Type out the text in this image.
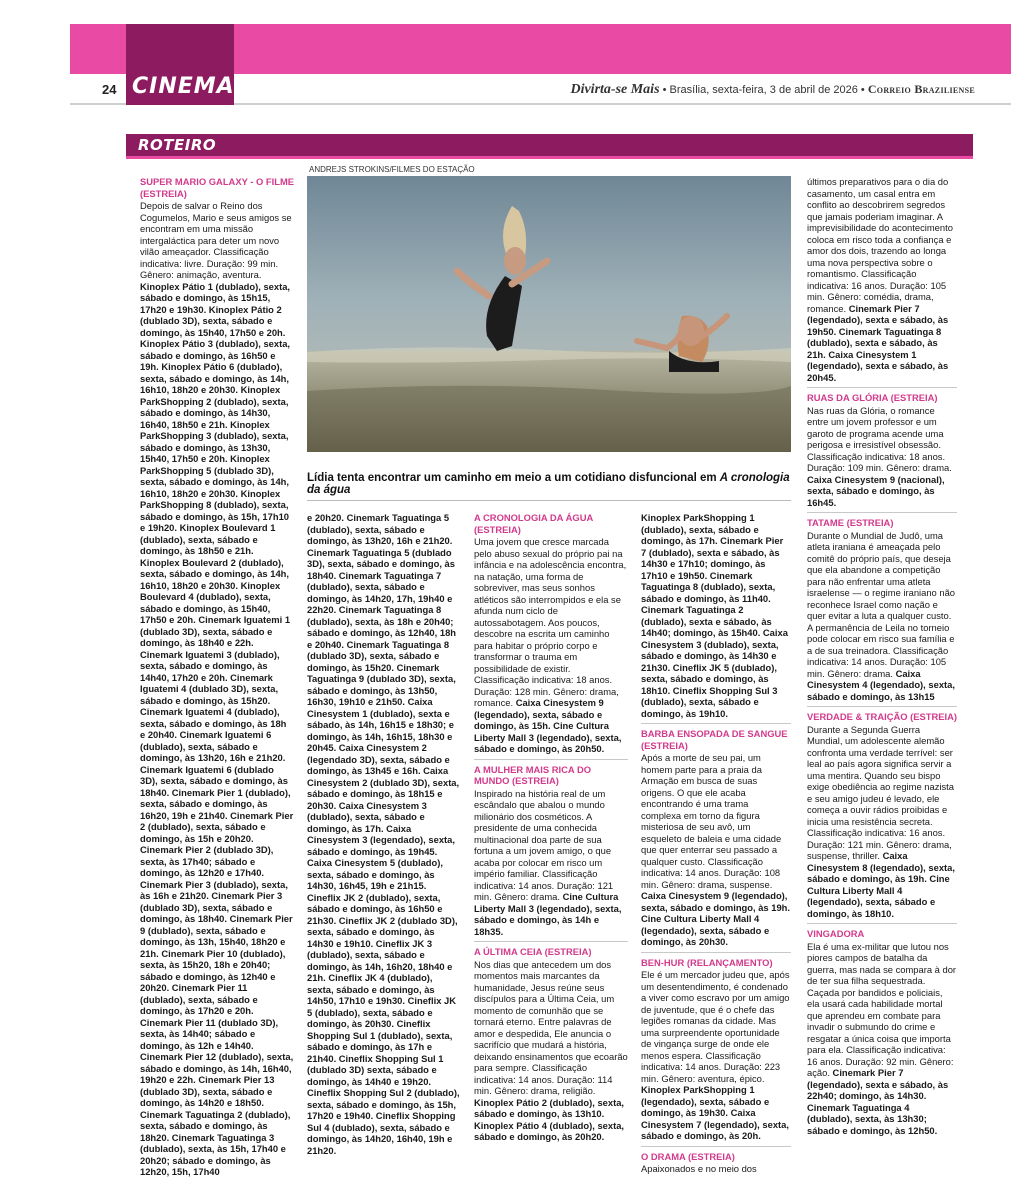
24 CINEMA	Divirta-se Mais • Brasília, sexta-feira, 3 de abril de 2026 • Correio Braziliense
ROTEIRO
ANDREJS STROKINS/FILMES DO ESTAÇÃO
Lídia tenta encontrar um caminho em meio a um cotidiano disfuncional em A cronologia da água
SUPER MARIO GALAXY - O FILME (ESTREIA)
Depois de salvar o Reino dos Cogumelos, Mario e seus amigos se encontram em uma missão intergaláctica para deter um novo vilão ameaçador. Classificação indicativa: livre. Duração: 99 min. Gênero: animação, aventura. Kinoplex Pátio 1 (dublado), sexta, sábado e domingo, às 15h15, 17h20 e 19h30. Kinoplex Pátio 2 (dublado 3D), sexta, sábado e domingo, às 15h40, 17h50 e 20h. Kinoplex Pátio 3 (dublado), sexta, sábado e domingo, às 16h50 e 19h. Kinoplex Pátio 6 (dublado), sexta, sábado e domingo, às 14h, 16h10, 18h20 e 20h30. Kinoplex ParkShopping 2 (dublado), sexta, sábado e domingo, às 14h30, 16h40, 18h50 e 21h. Kinoplex ParkShopping 3 (dublado), sexta, sábado e domingo, às 13h30, 15h40, 17h50 e 20h. Kinoplex ParkShopping 5 (dublado 3D), sexta, sábado e domingo, às 14h, 16h10, 18h20 e 20h30. Kinoplex ParkShopping 8 (dublado), sexta, sábado e domingo, às 15h, 17h10 e 19h20. Kinoplex Boulevard 1 (dublado), sexta, sábado e domingo, às 18h50 e 21h. Kinoplex Boulevard 2 (dublado), sexta, sábado e domingo, às 14h, 16h10, 18h20 e 20h30. Kinoplex Boulevard 4 (dublado), sexta, sábado e domingo, às 15h40, 17h50 e 20h. Cinemark Iguatemi 1 (dublado 3D), sexta, sábado e domingo, às 18h40 e 22h. Cinemark Iguatemi 3 (dublado), sexta, sábado e domingo, às 14h40, 17h20 e 20h. Cinemark Iguatemi 4 (dublado 3D), sexta, sábado e domingo, às 15h20. Cinemark Iguatemi 4 (dublado), sexta, sábado e domingo, às 18h e 20h40. Cinemark Iguatemi 6 (dublado), sexta, sábado e domingo, às 13h20, 16h e 21h20. Cinemark Iguatemi 6 (dublado 3D), sexta, sábado e domingo, às 18h40. Cinemark Pier 1 (dublado), sexta, sábado e domingo, às 16h20, 19h e 21h40. Cinemark Pier 2 (dublado), sexta, sábado e domingo, às 15h e 20h20. Cinemark Pier 2 (dublado 3D), sexta, às 17h40; sábado e domingo, às 12h20 e 17h40. Cinemark Pier 3 (dublado), sexta, às 16h e 21h20. Cinemark Pier 3 (dublado 3D), sexta, sábado e domingo, às 18h40. Cinemark Pier 9 (dublado), sexta, sábado e domingo, às 13h, 15h40, 18h20 e 21h. Cinemark Pier 10 (dublado), sexta, às 15h20, 18h e 20h40; sábado e domingo, às 12h40 e 20h20. Cinemark Pier 11 (dublado), sexta, sábado e domingo, às 17h20 e 20h. Cinemark Pier 11 (dublado 3D), sexta, às 14h40; sábado e domingo, às 12h e 14h40. Cinemark Pier 12 (dublado), sexta, sábado e domingo, às 14h, 16h40, 19h20 e 22h. Cinemark Pier 13 (dublado 3D), sexta, sábado e domingo, às 14h20 e 18h50. Cinemark Taguatinga 2 (dublado), sexta, sábado e domingo, às 18h20. Cinemark Taguatinga 3 (dublado), sexta, às 15h, 17h40 e 20h20; sábado e domingo, às 12h20, 15h, 17h40
e 20h20. Cinemark Taguatinga 5 (dublado), sexta, sábado e domingo, às 13h20, 16h e 21h20. Cinemark Taguatinga 5 (dublado 3D), sexta, sábado e domingo, às 18h40. Cinemark Taguatinga 7 (dublado), sexta, sábado e domingo, às 14h20, 17h, 19h40 e 22h20. Cinemark Taguatinga 8 (dublado), sexta, às 18h e 20h40; sábado e domingo, às 12h40, 18h e 20h40. Cinemark Taguatinga 8 (dublado 3D), sexta, sábado e domingo, às 15h20. Cinemark Taguatinga 9 (dublado 3D), sexta, sábado e domingo, às 13h50, 16h30, 19h10 e 21h50. Caixa Cinesystem 1 (dublado), sexta e sábado, às 14h, 16h15 e 18h30; e domingo, às 14h, 16h15, 18h30 e 20h45. Caixa Cinesystem 2 (legendado 3D), sexta, sábado e domingo, às 13h45 e 16h. Caixa Cinesystem 2 (dublado 3D), sexta, sábado e domingo, às 18h15 e 20h30. Caixa Cinesystem 3 (dublado), sexta, sábado e domingo, às 17h. Caixa Cinesystem 3 (legendado), sexta, sábado e domingo, às 19h45. Caixa Cinesystem 5 (dublado), sexta, sábado e domingo, às 14h30, 16h45, 19h e 21h15. Cineflix JK 2 (dublado), sexta, sábado e domingo, às 16h50 e 21h30. Cineflix JK 2 (dublado 3D), sexta, sábado e domingo, às 14h30 e 19h10. Cineflix JK 3 (dublado), sexta, sábado e domingo, às 14h, 16h20, 18h40 e 21h. Cineflix JK 4 (dublado), sexta, sábado e domingo, às 14h50, 17h10 e 19h30. Cineflix JK 5 (dublado), sexta, sábado e domingo, às 20h30. Cineflix Shopping Sul 1 (dublado), sexta, sábado e domingo, às 17h e 21h40. Cineflix Shopping Sul 1 (dublado 3D) sexta, sábado e domingo, às 14h40 e 19h20. Cineflix Shopping Sul 2 (dublado), sexta, sábado e domingo, às 15h, 17h20 e 19h40. Cineflix Shopping Sul 4 (dublado), sexta, sábado e domingo, às 14h20, 16h40, 19h e 21h20.
A CRONOLOGIA DA ÁGUA (ESTREIA)
Uma jovem que cresce marcada pelo abuso sexual do próprio pai na infância e na adolescência encontra, na natação, uma forma de sobreviver, mas seus sonhos atléticos são interrompidos e ela se afunda num ciclo de autossabotagem. Aos poucos, descobre na escrita um caminho para habitar o próprio corpo e transformar o trauma em possibilidade de existir. Classificação indicativa: 18 anos. Duração: 128 min. Gênero: drama, romance. Caixa Cinesystem 9 (legendado), sexta, sábado e domingo, às 15h. Cine Cultura Liberty Mall 3 (legendado), sexta, sábado e domingo, às 20h50.
A MULHER MAIS RICA DO MUNDO (ESTREIA)
Inspirado na história real de um escândalo que abalou o mundo milionário dos cosméticos. A presidente de uma conhecida multinacional doa parte de sua fortuna a um jovem amigo, o que acaba por colocar em risco um império familiar. Classificação indicativa: 14 anos. Duração: 121 min. Gênero: drama. Cine Cultura Liberty Mall 3 (legendado), sexta, sábado e domingo, às 14h e 18h35.
A ÚLTIMA CEIA (ESTREIA)
Nos dias que antecedem um dos momentos mais marcantes da humanidade, Jesus reúne seus discípulos para a Última Ceia, um momento de comunhão que se tornará eterno. Entre palavras de amor e despedida, Ele anuncia o sacrifício que mudará a história, deixando ensinamentos que ecoarão para sempre. Classificação indicativa: 14 anos. Duração: 114 min. Gênero: drama, religião. Kinoplex Pátio 2 (dublado), sexta, sábado e domingo, às 13h10. Kinoplex Pátio 4 (dublado), sexta, sábado e domingo, às 20h20.
Kinoplex ParkShopping 1 (dublado), sexta, sábado e domingo, às 17h. Cinemark Pier 7 (dublado), sexta e sábado, às 14h30 e 17h10; domingo, às 17h10 e 19h50. Cinemark Taguatinga 8 (dublado), sexta, sábado e domingo, às 11h40. Cinemark Taguatinga 2 (dublado), sexta e sábado, às 14h40; domingo, às 15h40. Caixa Cinesystem 3 (dublado), sexta, sábado e domingo, às 14h30 e 21h30. Cineflix JK 5 (dublado), sexta, sábado e domingo, às 18h10. Cineflix Shopping Sul 3 (dublado), sexta, sábado e domingo, às 19h10.
BARBA ENSOPADA DE SANGUE (ESTREIA)
Após a morte de seu pai, um homem parte para a praia da Armação em busca de suas origens. O que ele acaba encontrando é uma trama complexa em torno da figura misteriosa de seu avô, um esqueleto de baleia e uma cidade que quer enterrar seu passado a qualquer custo. Classificação indicativa: 14 anos. Duração: 108 min. Gênero: drama, suspense. Caixa Cinesystem 9 (legendado), sexta, sábado e domingo, às 19h. Cine Cultura Liberty Mall 4 (legendado), sexta, sábado e domingo, às 20h30.
BEN-HUR (RELANÇAMENTO)
Ele é um mercador judeu que, após um desentendimento, é condenado a viver como escravo por um amigo de juventude, que é o chefe das legiões romanas da cidade. Mas uma surpreendente oportunidade de vingança surge de onde ele menos espera. Classificação indicativa: 14 anos. Duração: 223 min. Gênero: aventura, épico. Kinoplex ParkShopping 1 (legendado), sexta, sábado e domingo, às 19h30. Caixa Cinesystem 7 (legendado), sexta, sábado e domingo, às 20h.
O DRAMA (ESTREIA)
Apaixonados e no meio dos
últimos preparativos para o dia do casamento, um casal entra em conflito ao descobrirem segredos que jamais poderiam imaginar. A imprevisibilidade do acontecimento coloca em risco toda a confiança e amor dos dois, trazendo ao longa uma nova perspectiva sobre o romantismo. Classificação indicativa: 16 anos. Duração: 105 min. Gênero: comédia, drama, romance. Cinemark Pier 7 (legendado), sexta e sábado, às 19h50. Cinemark Taguatinga 8 (dublado), sexta e sábado, às 21h. Caixa Cinesystem 1 (legendado), sexta e sábado, às 20h45.
RUAS DA GLÓRIA (ESTREIA)
Nas ruas da Glória, o romance entre um jovem professor e um garoto de programa acende uma perigosa e irresistível obsessão. Classificação indicativa: 18 anos. Duração: 109 min. Gênero: drama. Caixa Cinesystem 9 (nacional), sexta, sábado e domingo, às 16h45.
TATAME (ESTREIA)
Durante o Mundial de Judô, uma atleta iraniana é ameaçada pelo comitê do próprio país, que deseja que ela abandone a competição para não enfrentar uma atleta israelense — o regime iraniano não reconhece Israel como nação e quer evitar a luta a qualquer custo. A permanência de Leila no torneio pode colocar em risco sua família e a de sua treinadora. Classificação indicativa: 14 anos. Duração: 105 min. Gênero: drama. Caixa Cinesystem 4 (legendado), sexta, sábado e domingo, às 13h15
VERDADE & TRAIÇÃO (ESTREIA)
Durante a Segunda Guerra Mundial, um adolescente alemão confronta uma verdade terrível: ser leal ao país agora significa servir a uma mentira. Quando seu bispo exige obediência ao regime nazista e seu amigo judeu é levado, ele começa a ouvir rádios proibidas e inicia uma resistência secreta. Classificação indicativa: 16 anos. Duração: 121 min. Gênero: drama, suspense, thriller. Caixa Cinesystem 8 (legendado), sexta, sábado e domingo, às 19h. Cine Cultura Liberty Mall 4 (legendado), sexta, sábado e domingo, às 18h10.
VINGADORA
Ela é uma ex-militar que lutou nos piores campos de batalha da guerra, mas nada se compara à dor de ter sua filha sequestrada. Caçada por bandidos e policiais, ela usará cada habilidade mortal que aprendeu em combate para invadir o submundo do crime e resgatar a única coisa que importa para ela. Classificação indicativa: 16 anos. Duração: 92 min. Gênero: ação. Cinemark Pier 7 (legendado), sexta e sábado, às 22h40; domingo, às 14h30. Cinemark Taguatinga 4 (dublado), sexta, às 13h30; sábado e domingo, às 12h50.
